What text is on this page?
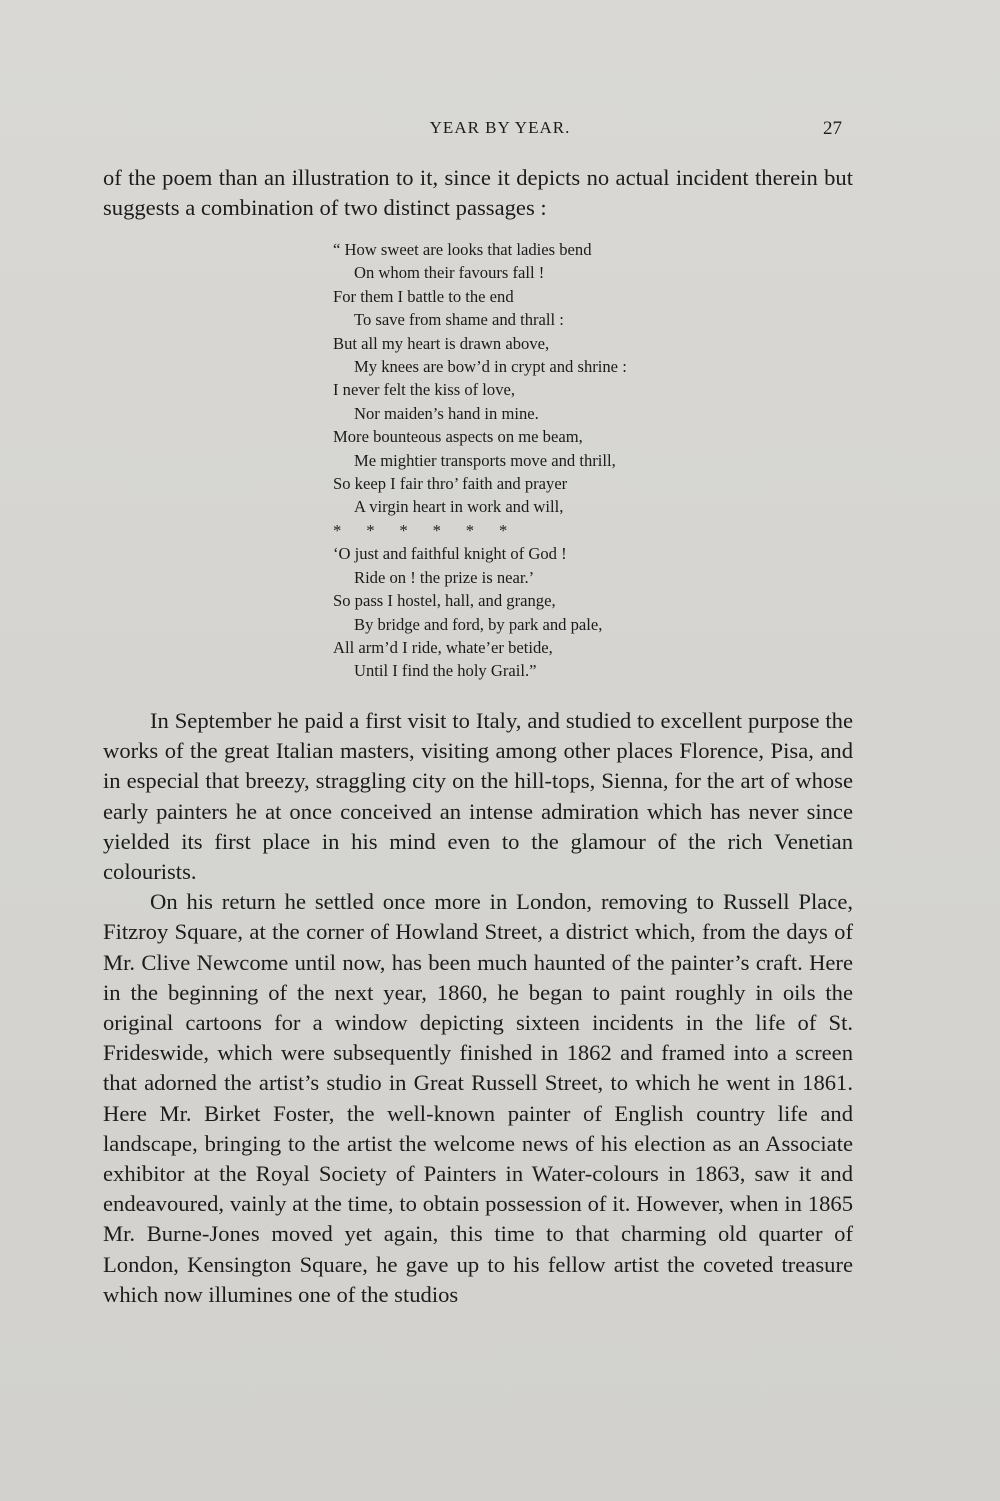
YEAR BY YEAR.	27

of the poem than an illustration to it, since it depicts no actual incident therein but suggests a combination of two distinct passages :

“ How sweet are looks that ladies bend
On whom their favours fall !
For them I battle to the end
To save from shame and thrall :
But all my heart is drawn above,
My knees are bow’d in crypt and shrine :
I never felt the kiss of love,
Nor maiden’s hand in mine.
More bounteous aspects on me beam,
Me mightier transports move and thrill,
So keep I fair thro’ faith and prayer
A virgin heart in work and will,
*      *      *      *      *      *
‘O just and faithful knight of God !
Ride on ! the prize is near.’
So pass I hostel, hall, and grange,
By bridge and ford, by park and pale,
All arm’d I ride, whate’er betide,
Until I find the holy Grail.”

In September he paid a first visit to Italy, and studied to excellent purpose the works of the great Italian masters, visiting among other places Florence, Pisa, and in especial that breezy, straggling city on the hill-tops, Sienna, for the art of whose early painters he at once conceived an intense admiration which has never since yielded its first place in his mind even to the glamour of the rich Venetian colourists.

On his return he settled once more in London, removing to Russell Place, Fitzroy Square, at the corner of Howland Street, a district which, from the days of Mr. Clive Newcome until now, has been much haunted of the painter’s craft. Here in the beginning of the next year, 1860, he began to paint roughly in oils the original cartoons for a window depicting sixteen incidents in the life of St. Frideswide, which were subsequently finished in 1862 and framed into a screen that adorned the artist’s studio in Great Russell Street, to which he went in 1861. Here Mr. Birket Foster, the well-known painter of English country life and landscape, bringing to the artist the welcome news of his election as an Associate exhibitor at the Royal Society of Painters in Water-colours in 1863, saw it and endeavoured, vainly at the time, to obtain possession of it. However, when in 1865 Mr. Burne-Jones moved yet again, this time to that charming old quarter of London, Kensington Square, he gave up to his fellow artist the coveted treasure which now illumines one of the studios
